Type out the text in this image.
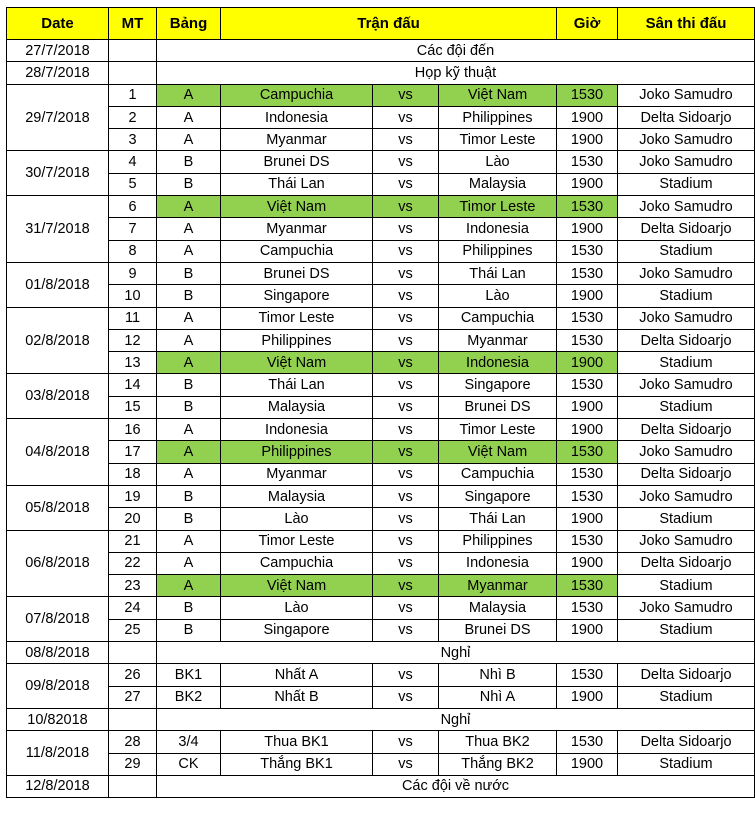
Date	MT	Bảng	Trận đấu			Giờ	Sân thi đấu
27/7/2018		Các đội đến					
28/7/2018		Họp kỹ thuật					
29/7/2018	1	A	Campuchia	vs	Việt Nam	1530	Joko Samudro
	2	A	Indonesia	vs	Philippines	1900	Delta Sidoarjo
	3	A	Myanmar	vs	Timor Leste	1900	Joko Samudro
30/7/2018	4	B	Brunei DS	vs	Lào	1530	Joko Samudro
	5	B	Thái Lan	vs	Malaysia	1900	Stadium
31/7/2018	6	A	Việt Nam	vs	Timor Leste	1530	Joko Samudro
	7	A	Myanmar	vs	Indonesia	1900	Delta Sidoarjo
	8	A	Campuchia	vs	Philippines	1530	Stadium
01/8/2018	9	B	Brunei DS	vs	Thái Lan	1530	Joko Samudro
	10	B	Singapore	vs	Lào	1900	Stadium
02/8/2018	11	A	Timor Leste	vs	Campuchia	1530	Joko Samudro
	12	A	Philippines	vs	Myanmar	1530	Delta Sidoarjo
	13	A	Việt Nam	vs	Indonesia	1900	Stadium
03/8/2018	14	B	Thái Lan	vs	Singapore	1530	Joko Samudro
	15	B	Malaysia	vs	Brunei DS	1900	Stadium
04/8/2018	16	A	Indonesia	vs	Timor Leste	1900	Delta Sidoarjo
	17	A	Philippines	vs	Việt Nam	1530	Joko Samudro
	18	A	Myanmar	vs	Campuchia	1530	Delta Sidoarjo
05/8/2018	19	B	Malaysia	vs	Singapore	1530	Joko Samudro
	20	B	Lào	vs	Thái Lan	1900	Stadium
06/8/2018	21	A	Timor Leste	vs	Philippines	1530	Joko Samudro
	22	A	Campuchia	vs	Indonesia	1900	Delta Sidoarjo
	23	A	Việt Nam	vs	Myanmar	1530	Stadium
07/8/2018	24	B	Lào	vs	Malaysia	1530	Joko Samudro
	25	B	Singapore	vs	Brunei DS	1900	Stadium
08/8/2018		Nghỉ					
09/8/2018	26	BK1	Nhất A	vs	Nhì B	1530	Delta Sidoarjo
	27	BK2	Nhất B	vs	Nhì A	1900	Stadium
10/82018		Nghỉ					
11/8/2018	28	3/4	Thua BK1	vs	Thua BK2	1530	Delta Sidoarjo
	29	CK	Thắng BK1	vs	Thắng BK2	1900	Stadium
12/8/2018		Các đội về nước					
